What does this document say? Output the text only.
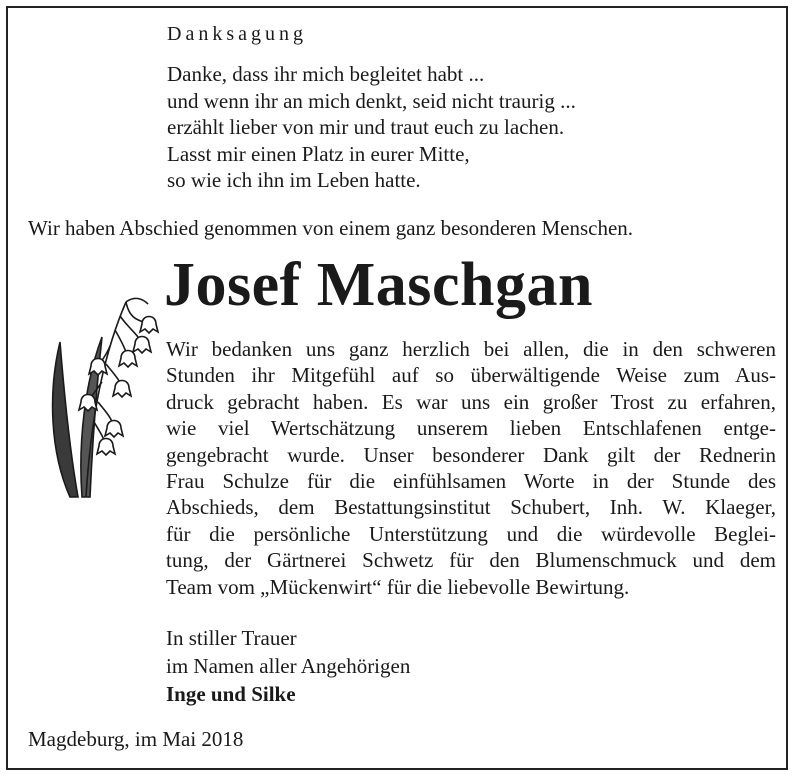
Danksagung
Danke, dass ihr mich begleitet habt ...
und wenn ihr an mich denkt, seid nicht traurig ...
erzählt lieber von mir und traut euch zu lachen.
Lasst mir einen Platz in eurer Mitte,
so wie ich ihn im Leben hatte.
Wir haben Abschied genommen von einem ganz besonderen Menschen.
Josef Maschgan
Wir bedanken uns ganz herzlich bei allen, die in den schweren
Stunden ihr Mitgefühl auf so überwältigende Weise zum Aus-
druck gebracht haben. Es war uns ein großer Trost zu erfahren,
wie viel Wertschätzung unserem lieben Entschlafenen entge-
gengebracht wurde. Unser besonderer Dank gilt der Rednerin
Frau Schulze für die einfühlsamen Worte in der Stunde des
Abschieds, dem Bestattungsinstitut Schubert, Inh. W. Klaeger,
für die persönliche Unterstützung und die würdevolle Beglei-
tung, der Gärtnerei Schwetz für den Blumenschmuck und dem
Team vom „Mückenwirt“ für die liebevolle Bewirtung.
In stiller Trauer
im Namen aller Angehörigen
Inge und Silke
Magdeburg, im Mai 2018
